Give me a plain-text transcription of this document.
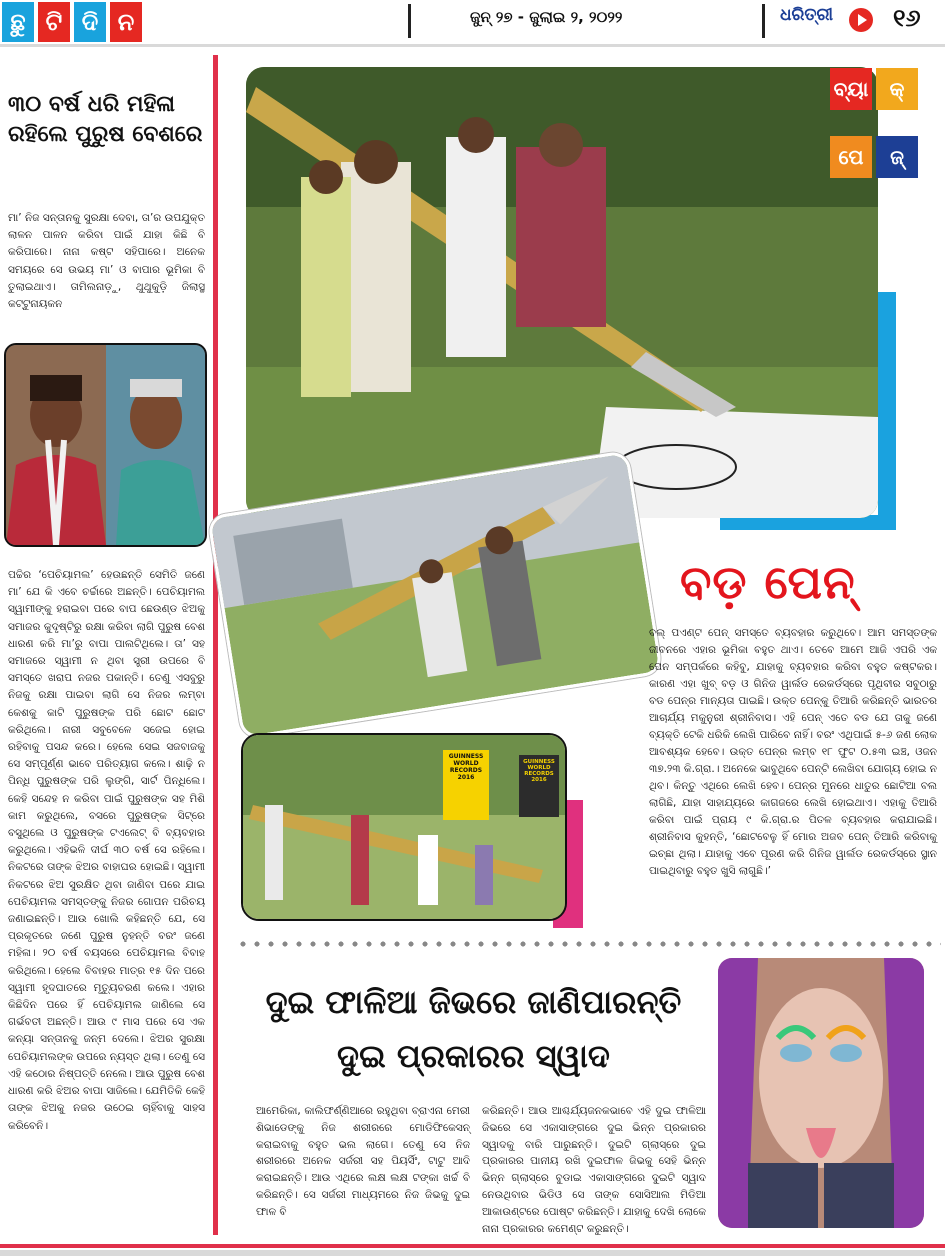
ଛୁ ଟି ଦି ନ	ଜୁନ୍ ୨୭ - ଜୁଲାଇ ୨, ୨୦୨୨	ଧରିତ୍ରୀ ୧୬
୩୦ ବର୍ଷ ଧରି ମହିଳା ରହିଲେ ପୁରୁଷ ବେଶରେ
ମା’ ନିଜ ସନ୍ତାନକୁ ସୁରକ୍ଷା ଦେବା, ତା’ର ଉପଯୁକ୍ତ ଲାଳନ ପାଳନ କରିବା ପାଇଁ ଯାହା କିଛି ବି କରିପାରେ। ନାନା କଷ୍ଟ ସହିପାରେ। ଅନେକ ସମୟରେ ସେ ଉଭୟ ମା’ ଓ ବାପାର ଭୂମିକା ବି ତୁଲାଇଥାଏ। ତାମିଲନାଡ଼ୁ, ଥୁଥୁକୁଡ଼ି ଜିଲାସ୍ଥ କଟ୍ଟୁନାୟକନ
ପଚ୍ଚିର ‘ପେଚିୟାମଲ’ ହେଉଛନ୍ତି ସେମିତି ଜଣେ ମା’ ଯେ କି ଏବେ ଚର୍ଚ୍ଚାରେ ଅଛନ୍ତି। ପେଚିୟାମଲ ସ୍ୱାମୀଙ୍କୁ ହରାଇବା ପରେ ବାପ ଛେଉଣ୍ଡ ଝିଅକୁ ସମାଜର କୁଦୃଷ୍ଟିରୁ ରକ୍ଷା କରିବା ଲାଗି ପୁରୁଷ ବେଶ ଧାରଣ କରି ମା’ରୁ ବାପା ପାଲଟିଥିଲେ। ତା’ ସହ ସମାଜରେ ସ୍ୱାମୀ ନ ଥିବା ସ୍ତ୍ରୀ ଉପରେ ବି ସମସ୍ତେ ଖରାପ ନଜର ପକାନ୍ତି। ତେଣୁ ଏସବୁରୁ ନିଜକୁ ରକ୍ଷା ପାଇବା ଲାଗି ସେ ନିଜର ଲମ୍ବା କେଶକୁ କାଟି ପୁରୁଷଙ୍କ ପରି ଛୋଟ ଛୋଟ କରିଥିଲେ। ନାରୀ ସବୁବେଳେ ସଜେଇ ହୋଇ ରହିବାକୁ ପସନ୍ଦ କରେ। ହେଲେ ସେଇ ସଜବାଜକୁ ସେ ସମ୍ପୂର୍ଣ୍ଣ ଭାବେ ପରିତ୍ୟାଗ କଲେ। ଶାଢ଼ି ନ ପିନ୍ଧି ପୁରୁଷଙ୍କ ପରି ଲୁଙ୍ଗି, ସାର୍ଟ ପିନ୍ଧିଲେ। କେହି ସନ୍ଦେହ ନ କରିବା ପାଇଁ ପୁରୁଷଙ୍କ ସହ ମିଶି କାମ କରୁଥିଲେ, ବସରେ ପୁରୁଷଙ୍କ ସିଟ୍‌ରେ ବସୁଥିଲେ ଓ ପୁରୁଷଙ୍କ ଟଏଲେଟ୍ ବି ବ୍ୟବହାର କରୁଥିଲେ। ଏହିଭଳି ଦୀର୍ଘ ୩୦ ବର୍ଷ ସେ ରହିଲେ। ନିକଟରେ ତାଙ୍କ ଝିଅର ବାହାଘର ହୋଇଛି। ସ୍ୱାମୀ ନିକଟରେ ଝିଅ ସୁରକ୍ଷିତ ଥିବା ଜାଣିବା ପରେ ଯାଇ ପେଚିୟାମଲ ସମସ୍ତଙ୍କୁ ନିଜର ଗୋପନ ପରିଚୟ ଜଣାଇଛନ୍ତି। ଆଉ ଖୋଲି କହିଛନ୍ତି ଯେ, ସେ ପ୍ରକୃତରେ ଜଣେ ପୁରୁଷ ନୁହନ୍ତି ବରଂ ଜଣେ ମହିଳା। ୨୦ ବର୍ଷ ବୟସରେ ପେଚିୟାମଲ ବିବାହ କରିଥିଲେ। ହେଲେ ବିବାହର ମାତ୍ର ୧୫ ଦିନ ପରେ ସ୍ୱାମୀ ହୃଦଘାତରେ ମୃତ୍ୟୁବରଣ କଲେ। ଏହାର କିଛିଦିନ ପରେ ହିଁ ପେଚିୟାମଲ ଜାଣିଲେ ସେ ଗର୍ଭବତୀ ଅଛନ୍ତି। ଆଉ ୯ ମାସ ପରେ ସେ ଏକ କନ୍ୟା ସନ୍ତାନକୁ ଜନ୍ମ ଦେଲେ। ଝିଅର ସୁରକ୍ଷା ପେଚିୟାମଲଙ୍କ ଉପରେ ନ୍ୟସ୍ତ ଥିଲା। ତେଣୁ ସେ ଏହି କଠୋର ନିଷ୍ପତ୍ତି ନେଲେ। ଆଉ ପୁରୁଷ ବେଶ ଧାରଣ କରି ଝିଅର ବାପା ସାଜିଲେ। ଯେମିତିକି କେହି ତାଙ୍କ ଝିଅକୁ ନଜର ଉଠେଇ ଚାହିଁବାକୁ ସାହସ କରିବେନି।
ବ୍ୟା	କ୍
ପେ	ଜ୍
GUINNESS WORLD RECORDS 2016
GUINNESS WORLD RECORDS 2016
ବଡ଼ ପେନ୍
ବଲ୍ ପଏଣ୍ଟ ପେନ୍ ସମସ୍ତେ ବ୍ୟବହାର କରୁଥିବେ। ଆମ ସମସ୍ତଙ୍କ ଜୀବନରେ ଏହାର ଭୂମିକା ବହୁତ ଥାଏ। ତେବେ ଆମେ ଆଜି ଏପରି ଏକ ପେନ ସମ୍ପର୍କରେ କହିବୁ, ଯାହାକୁ ବ୍ୟବହାର କରିବା ବହୁତ କଷ୍ଟକର। କାରଣ ଏହା ଖୁବ୍ ବଡ଼ ଓ ଗିନିଜ ୱାର୍ଲଡ ରେକର୍ଡସ୍‌ରେ ପୃଥିବୀର ସବୁଠାରୁ ବଡ ପେନ୍‌ର ମାନ୍ୟତା ପାଇଛି। ଉକ୍ତ ପେନ୍‌କୁ ତିଆରି କରିଛନ୍ତି ଭାରତର ଆଚାର୍ଯ୍ୟ ମକୁନୁରୀ ଶ୍ରୀନିବାସ। ଏହି ପେନ୍ ଏତେ ବଡ ଯେ ତାକୁ ଜଣେ ବ୍ୟକ୍ତି ଟେକି ଧରିକି ଲେଖି ପାରିବେ ନାହିଁ। ବରଂ ଏଥିପାଇଁ ୫-୬ ଜଣ ଲୋକ ଆବଶ୍ୟକ ହେବେ। ଉକ୍ତ ପେନ୍‌ର ଲମ୍ବ ୧୮ ଫୁଟ ୦.୫୩ ଇଞ୍ଚ, ଓଜନ ୩୭.୨୩ କି.ଗ୍ରା.। ଅନେକେ ଭାବୁଥିବେ ପେନ୍‌ଟି ଲେଖିବା ଯୋଗ୍ୟ ହୋଇ ନ ଥିବ। କିନ୍ତୁ ଏଥିରେ ଲେଖି ହେବ। ପେନ୍‌ର ମୁନରେ ଧାତୁର ଛୋଟିଆ ବଲ ଲାଗିଛି, ଯାହା ସାହାଯ୍ୟରେ କାଗଜରେ ଲେଖି ହୋଇଥାଏ। ଏହାକୁ ତିଆରି କରିବା ପାଇଁ ପ୍ରାୟ ୯ କି.ଗ୍ରା.ର ପିତଳ ବ୍ୟବହାର କରାଯାଇଛି। ଶ୍ରୀନିବାସ କୁହନ୍ତି, ‘ଛୋଟବେଳୁ ହିଁ ମୋର ଅଜବ ପେନ୍ ତିଆରି କରିବାକୁ ଇଚ୍ଛା ଥିଲା। ଯାହାକୁ ଏବେ ପୂରଣ କରି ଗିନିଜ ୱାର୍ଲଡ ରେକର୍ଡସ୍‌ରେ ସ୍ଥାନ ପାଇଥିବାରୁ ବହୁତ ଖୁସି ଲାଗୁଛି।’
ଦୁଇ ଫାଳିଆ ଜିଭରେ ଜାଣିପାରନ୍ତି
ଦୁଇ ପ୍ରକାରର ସ୍ୱାଦ
ଆମେରିକା, କାଲିଫର୍ଣ୍ଣିଆରେ ରହୁଥିବା ବ୍ରାଏନା ମେରୀ ଶିଭାଡେଙ୍କୁ ନିଜ ଶରୀରରେ ମୋଡିଫିକେସନ୍ କରାଇବାକୁ ବହୁତ ଭଲ ଲାଗେ। ତେଣୁ ସେ ନିଜ ଶରୀରରେ ଅନେକ ସର୍ଜରୀ ସହ ପିୟର୍ସିଂ, ଟାଟୁ ଆଦି କରାଇଛନ୍ତି। ଆଉ ଏଥିରେ ଲକ୍ଷ ଲକ୍ଷ ଟଙ୍କା ଖର୍ଚ୍ଚ ବି କରିଛନ୍ତି। ସେ ସର୍ଜରୀ ମାଧ୍ୟମରେ ନିଜ ଜିଭକୁ ଦୁଇ ଫାଳ ବି
କରିଛନ୍ତି। ଆଉ ଆଶ୍ଚର୍ଯ୍ୟଜନକଭାବେ ଏହି ଦୁଇ ଫାଳିଆ ଜିଭରେ ସେ ଏକାସାଙ୍ଗରେ ଦୁଇ ଭିନ୍ନ ପ୍ରକାରର ସ୍ୱାଦକୁ ବାରି ପାରୁଛନ୍ତି। ଦୁଇଟି ଗ୍ଲାସ୍‌ରେ ଦୁଇ ପ୍ରକାରର ପାନୀୟ ରଖି ଦୁଇଫାଳ ଜିଭକୁ ସେହି ଭିନ୍ନ ଭିନ୍ନ ଗ୍ଲାସ୍‌ରେ ବୁଡାଇ ଏକାସାଙ୍ଗରେ ଦୁଇଟି ସ୍ୱାଦ ନେଉଥିବାର ଭିଡିଓ ସେ ତାଙ୍କ ସୋସିଆଲ ମିଡିଆ ଆକାଉଣ୍ଟରେ ପୋଷ୍ଟ କରିଛନ୍ତି। ଯାହାକୁ ଦେଖି ଲୋକେ ନାନା ପ୍ରକାରର କମେଣ୍ଟ କରୁଛନ୍ତି।
